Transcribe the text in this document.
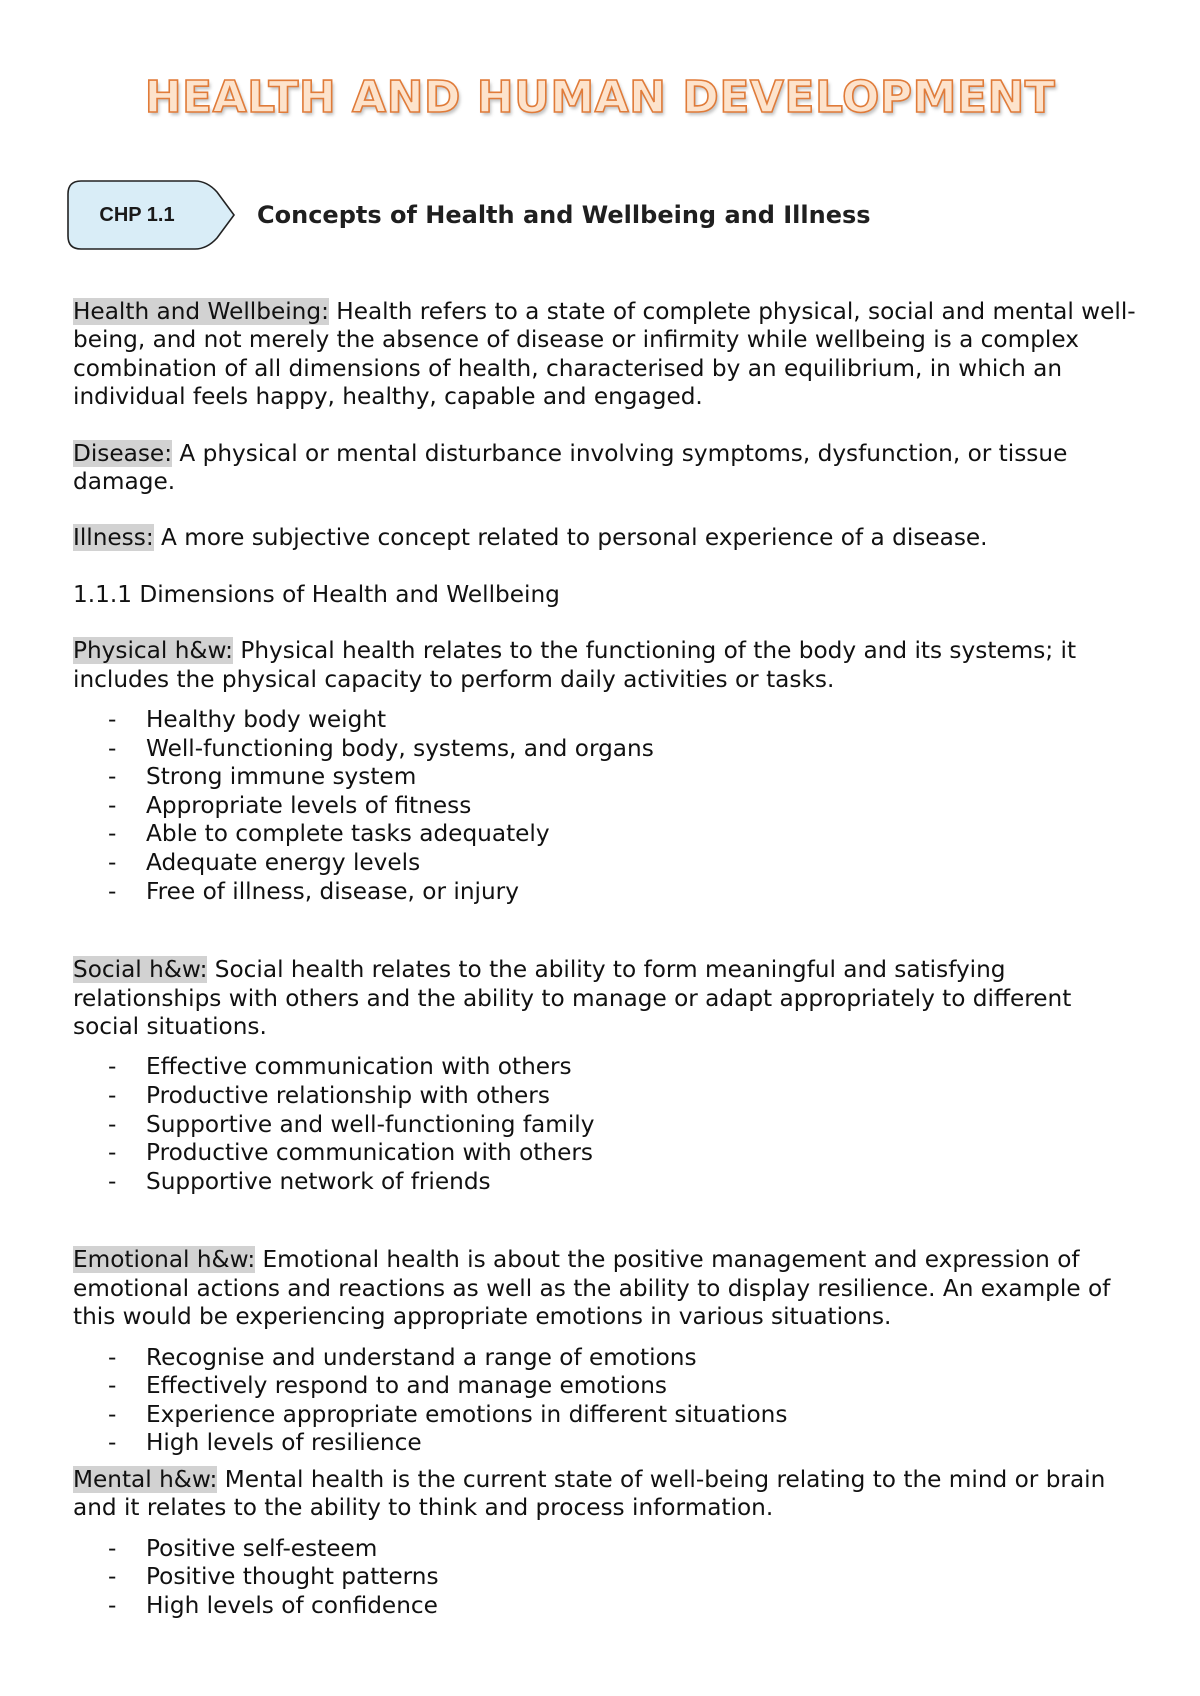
HEALTH AND HUMAN DEVELOPMENT
CHP 1.1	Concepts of Health and Wellbeing and Illness

Health and Wellbeing: Health refers to a state of complete physical, social and mental well-being, and not merely the absence of disease or infirmity while wellbeing is a complex combination of all dimensions of health, characterised by an equilibrium, in which an individual feels happy, healthy, capable and engaged.

Disease: A physical or mental disturbance involving symptoms, dysfunction, or tissue damage.

Illness: A more subjective concept related to personal experience of a disease.

1.1.1 Dimensions of Health and Wellbeing

Physical h&w: Physical health relates to the functioning of the body and its systems; it includes the physical capacity to perform daily activities or tasks.

- Healthy body weight
- Well-functioning body, systems, and organs
- Strong immune system
- Appropriate levels of fitness
- Able to complete tasks adequately
- Adequate energy levels
- Free of illness, disease, or injury

Social h&w: Social health relates to the ability to form meaningful and satisfying relationships with others and the ability to manage or adapt appropriately to different social situations.

- Effective communication with others
- Productive relationship with others
- Supportive and well-functioning family
- Productive communication with others
- Supportive network of friends

Emotional h&w: Emotional health is about the positive management and expression of emotional actions and reactions as well as the ability to display resilience. An example of this would be experiencing appropriate emotions in various situations.

- Recognise and understand a range of emotions
- Effectively respond to and manage emotions
- Experience appropriate emotions in different situations
- High levels of resilience

Mental h&w: Mental health is the current state of well-being relating to the mind or brain and it relates to the ability to think and process information.

- Positive self-esteem
- Positive thought patterns
- High levels of confidence
